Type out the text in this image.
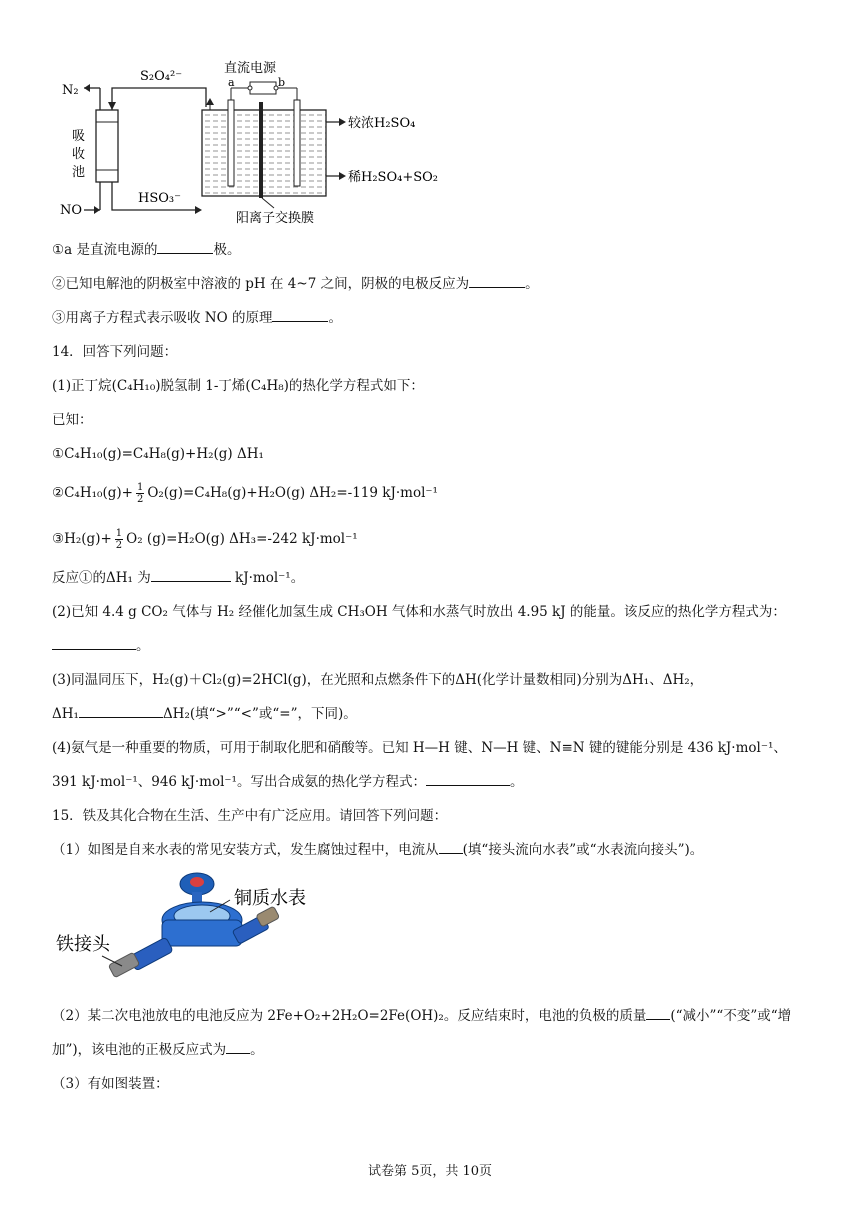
N₂
NO
吸
收
池
S₂O₄²⁻
HSO₃⁻
阳离子交换膜
直流电源
a	b
较浓H₂SO₄
稀H₂SO₄+SO₂
①a 是直流电源的	极。
②已知电解池的阴极室中溶液的 pH 在 4~7 之间，阴极的电极反应为	。
③用离子方程式表示吸收 NO 的原理	。
14．回答下列问题：
(1)正丁烷(C₄H₁₀)脱氢制 1-丁烯(C₄H₈)的热化学方程式如下：
已知：
①C₄H₁₀(g)=C₄H₈(g)+H₂(g) ΔH₁
②C₄H₁₀(g)+ $\frac{1}{2} O_2(g)=C_4H_8(g)+H_2O(g)$ ΔH₂=-119 kJ·mol⁻¹
③H₂(g)+ $\frac{1}{2} O_2$ (g)=H₂O(g) ΔH₃=-242 kJ·mol⁻¹
反应①的ΔH₁ 为	kJ·mol⁻¹。
(2)已知 4.4 g CO₂ 气体与 H₂ 经催化加氢生成 CH₃OH 气体和水蒸气时放出 4.95 kJ 的能量。该反应的热化学方程式为：
。
(3)同温同压下，H₂(g)＋Cl₂(g)=2HCl(g)，在光照和点燃条件下的ΔH(化学计量数相同)分别为ΔH₁、ΔH₂，
ΔH₁	ΔH₂(填“>”“<”或“=”，下同)。
(4)氨气是一种重要的物质，可用于制取化肥和硝酸等。已知 H—H 键、N—H 键、N≡N 键的键能分别是 436 kJ·mol⁻¹、
391 kJ·mol⁻¹、946 kJ·mol⁻¹。写出合成氨的热化学方程式：	。
15．铁及其化合物在生活、生产中有广泛应用。请回答下列问题：
（1）如图是自来水表的常见安装方式，发生腐蚀过程中，电流从 (填“接头流向水表”或“水表流向接头”)。
铜质水表
铁接头
（2）某二次电池放电的电池反应为 2Fe+O₂+2H₂O=2Fe(OH)₂。反应结束时，电池的负极的质量 (“减小”“不变”或“增
加”)，该电池的正极反应式为 。
（3）有如图装置：
试卷第 5页，共 10页
